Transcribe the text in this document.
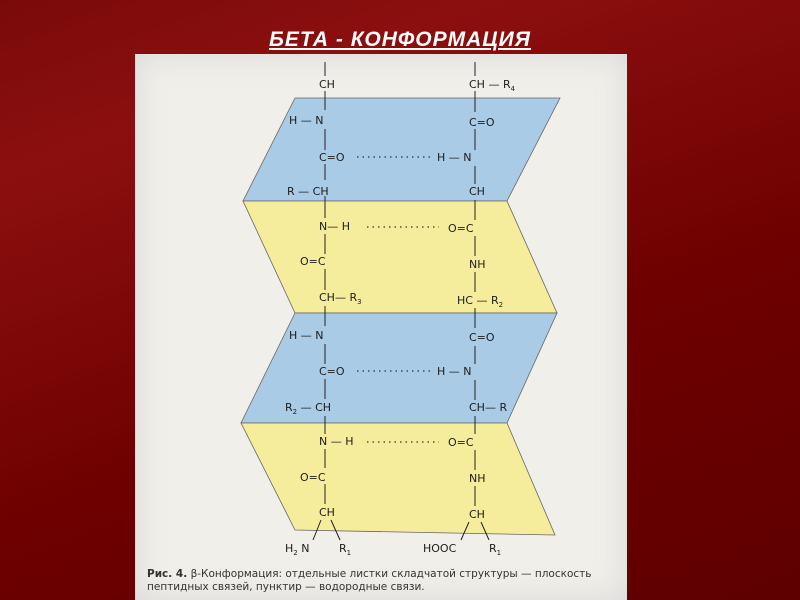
БЕТА - КОНФОРМАЦИЯ
CH
H — N
C=O
R — CH
N— H
O=C
CH— $R_3$
H — N
C=O
$R_2$ — CH
N — H
O=C
CH
$H_2$ N	$R_1$
CH — $R_4$
C=O
H — N
CH
O=C
NH
HC — $R_2$
C=O
H — N
CH— R
O=C
NH
CH
HOOC	$R_1$
Рис. 4. β-Конформация: отдельные листки складчатой структуры — плоскость пептидных связей, пунктир — водородные связи.
